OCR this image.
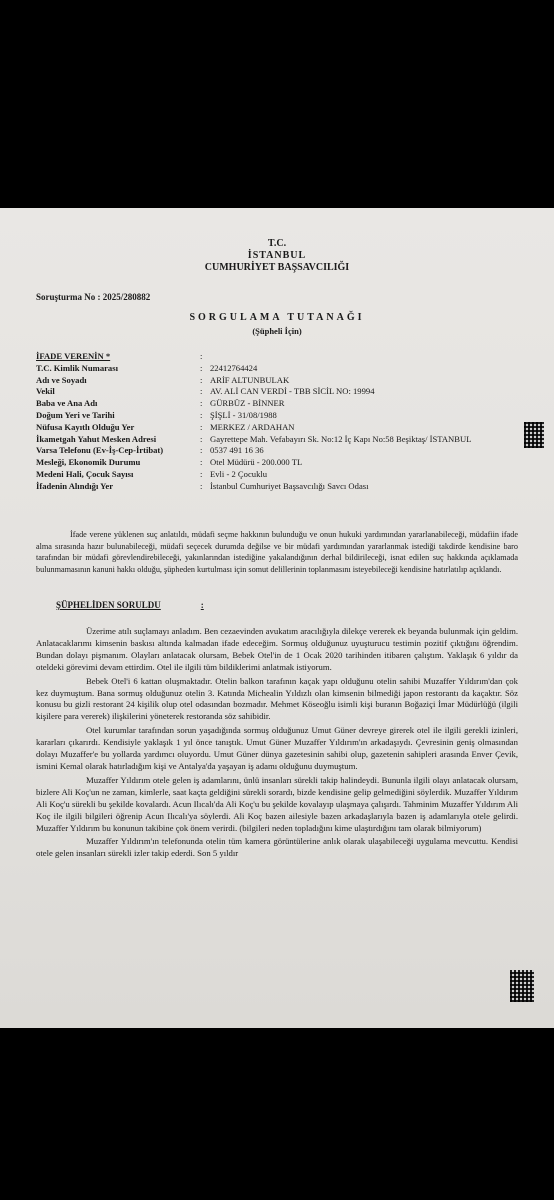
T.C.
İSTANBUL
CUMHURİYET BAŞSAVCILIĞI
Soruşturma No : 2025/280882
SORGULAMA TUTANAĞI
(Şüpheli İçin)
İFADE VERENİN *	:
T.C. Kimlik Numarası	: 22412764424
Adı ve Soyadı	: ARİF ALTUNBULAK
Vekil	: AV. ALİ CAN VERDİ - TBB SİCİL NO: 19994
Baba ve Ana Adı	: GÜRBÜZ - BİNNER
Doğum Yeri ve Tarihi	: ŞİŞLİ - 31/08/1988
Nüfusa Kayıtlı Olduğu Yer	: MERKEZ / ARDAHAN
İkametgah Yahut Mesken Adresi	: Gayrettepe Mah. Vefabayırı Sk. No:12 İç Kapı No:58 Beşiktaş/ İSTANBUL
Varsa Telefonu (Ev-İş-Cep-İrtibat)	: 0537 491 16 36
Mesleği, Ekonomik Durumu	: Otel Müdürü - 200.000 TL
Medeni Hali, Çocuk Sayısı	: Evli - 2 Çocuklu
İfadenin Alındığı Yer	: İstanbul Cumhuriyet Başsavcılığı Savcı Odası
İfade verene yüklenen suç anlatıldı, müdafi seçme hakkının bulunduğu ve onun hukuki yardımından yararlanabileceği, müdafiin ifade alma sırasında hazır bulunabileceği, müdafi seçecek durumda değilse ve bir müdafi yardımından yararlanmak istediği takdirde kendisine baro tarafından bir müdafi görevlendirebileceği, yakınlarından istediğine yakalandığının derhal bildirileceği, isnat edilen suç hakkında açıklamada bulunmamasının kanuni hakkı olduğu, şüpheden kurtulması için somut delillerinin toplanmasını isteyebileceği kendisine hatırlatılıp açıklandı.
ŞÜPHELİDEN SORULDU	:

Üzerime atılı suçlamayı anladım. Ben cezaevinden avukatım aracılığıyla dilekçe vererek ek beyanda bulunmak için geldim. Anlatacaklarımı kimsenin baskısı altında kalmadan ifade edeceğim. Sormuş olduğunuz uyuşturucu testimin pozitif çıktığını öğrendim. Bundan dolayı pişmanım. Olayları anlatacak olursam, Bebek Otel'in de 1 Ocak 2020 tarihinden itibaren çalıştım. Yaklaşık 6 yıldır da oteldeki görevimi devam ettirdim. Otel ile ilgili tüm bildiklerimi anlatmak istiyorum.

Bebek Otel'i 6 kattan oluşmaktadır. Otelin balkon tarafının kaçak yapı olduğunu otelin sahibi Muzaffer Yıldırım'dan çok kez duymuştum. Bana sormuş olduğunuz otelin 3. Katında Michealin Yıldızlı olan kimsenin bilmediği japon restorantı da kaçaktır. Söz konusu bu gizli restorant 24 kişilik olup otel odasından bozmadır. Mehmet Köseoğlu isimli kişi buranın Boğaziçi İmar Müdürlüğü (ilgili kişilere para vererek) ilişkilerini yöneterek restoranda söz sahibidir.

Otel kurumlar tarafından sorun yaşadığında sormuş olduğunuz Umut Güner devreye girerek otel ile ilgili gerekli izinleri, kararları çıkarırdı. Kendisiyle yaklaşık 1 yıl önce tanıştık. Umut Güner Muzaffer Yıldırım'ın arkadaşıydı. Çevresinin geniş olmasından dolayı Muzaffer'e bu yollarda yardımcı oluyordu. Umut Güner dünya gazetesinin sahibi olup, gazetenin sahipleri arasında Enver Çevik, ismini Kemal olarak hatırladığım kişi ve Antalya'da yaşayan iş adamı olduğunu duymuştum.

Muzaffer Yıldırım otele gelen iş adamlarını, ünlü insanları sürekli takip halindeydi. Bununla ilgili olayı anlatacak olursam, bizlere Ali Koç'un ne zaman, kimlerle, saat kaçta geldiğini sürekli sorardı, bizde kendisine gelip gelmediğini söylerdik. Muzaffer Yıldırım Ali Koç'u sürekli bu şekilde kovalardı. Acun Ilıcalı'da Ali Koç'u bu şekilde kovalayıp ulaşmaya çalışırdı. Tahminim Muzaffer Yıldırım Ali Koç ile ilgili bilgileri öğrenip Acun Ilıcalı'ya söylerdi. Ali Koç bazen ailesiyle bazen arkadaşlarıyla bazen iş adamlarıyla otele gelirdi. Muzaffer Yıldırım bu konunun takibine çok önem verirdi. (bilgileri neden topladığını kime ulaştırdığını tam olarak bilmiyorum)

Muzaffer Yıldırım'ın telefonunda otelin tüm kamera görüntülerine anlık olarak ulaşabileceği uygulama mevcuttu. Kendisi otele gelen insanları sürekli izler takip ederdi. Son 5 yıldır
